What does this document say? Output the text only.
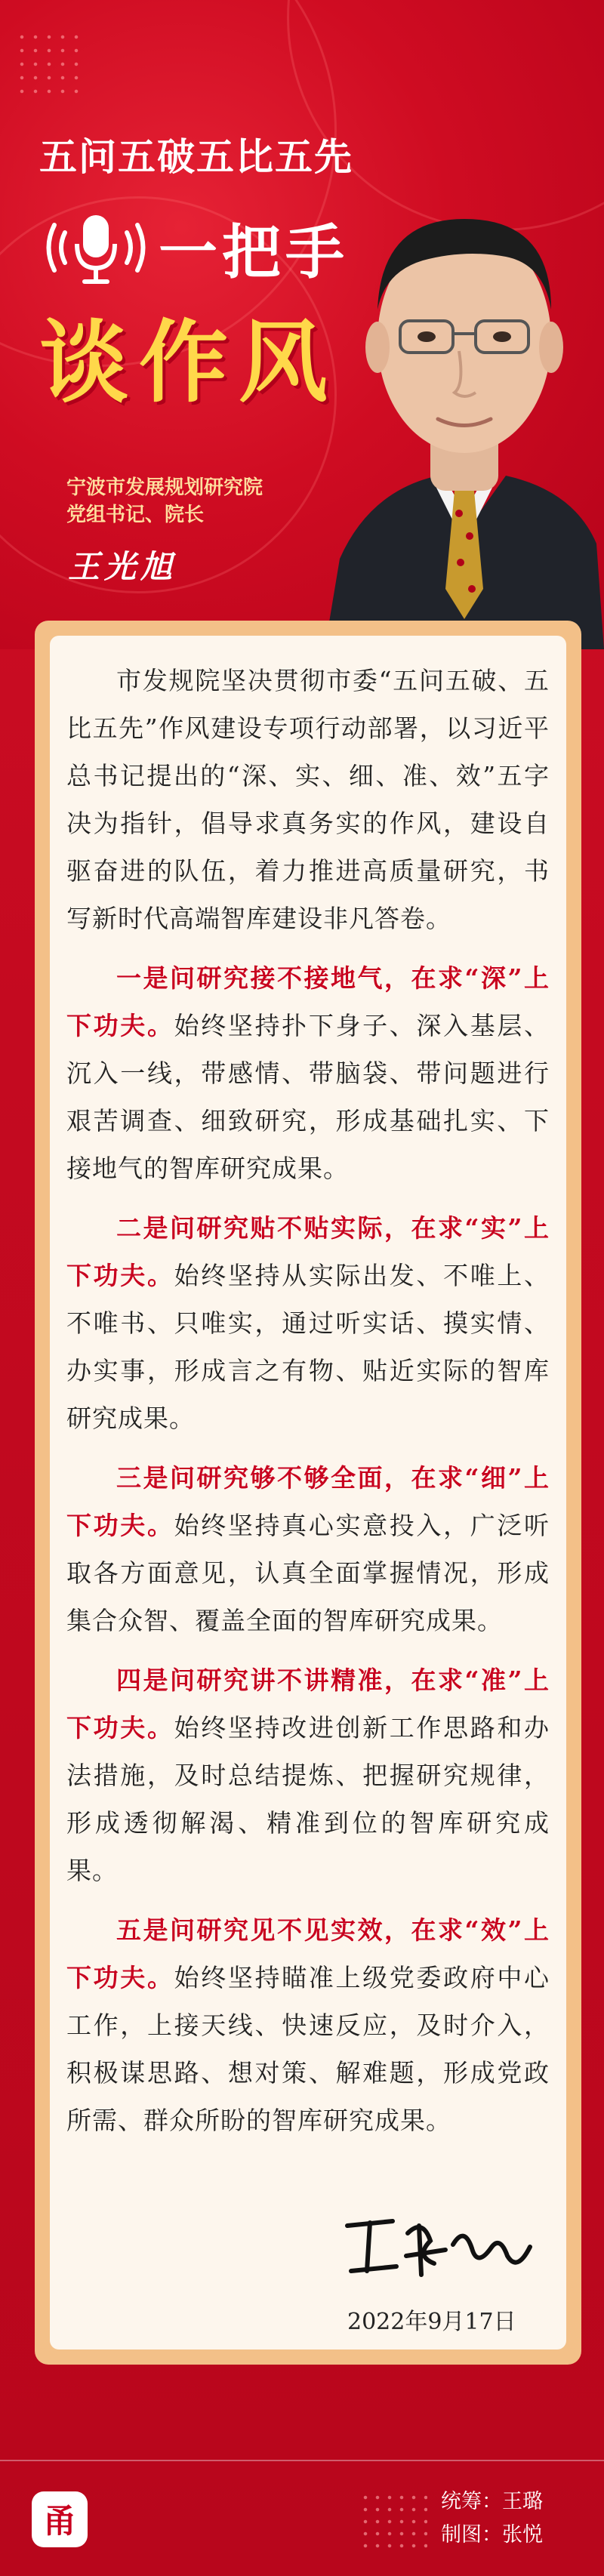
五问五破五比五先
一把手
谈作风
宁波市发展规划研究院
党组书记、院长
王光旭

市发规院坚决贯彻市委“五问五破、五比五先”作风建设专项行动部署，以习近平总书记提出的“深、实、细、准、效”五字决为指针，倡导求真务实的作风，建设自驱奋进的队伍，着力推进高质量研究，书写新时代高端智库建设非凡答卷。

一是问研究接不接地气，在求“深”上下功夫。始终坚持扑下身子、深入基层、沉入一线，带感情、带脑袋、带问题进行艰苦调查、细致研究，形成基础扎实、下接地气的智库研究成果。

二是问研究贴不贴实际，在求“实”上下功夫。始终坚持从实际出发、不唯上、不唯书、只唯实，通过听实话、摸实情、办实事，形成言之有物、贴近实际的智库研究成果。

三是问研究够不够全面，在求“细”上下功夫。始终坚持真心实意投入，广泛听取各方面意见，认真全面掌握情况，形成集合众智、覆盖全面的智库研究成果。

四是问研究讲不讲精准，在求“准”上下功夫。始终坚持改进创新工作思路和办法措施，及时总结提炼、把握研究规律，形成透彻解渴、精准到位的智库研究成果。

五是问研究见不见实效，在求“效”上下功夫。始终坚持瞄准上级党委政府中心工作，上接天线、快速反应，及时介入，积极谋思路、想对策、解难题，形成党政所需、群众所盼的智库研究成果。

2022年9月17日
甬
统筹：王璐
制图：张悦
